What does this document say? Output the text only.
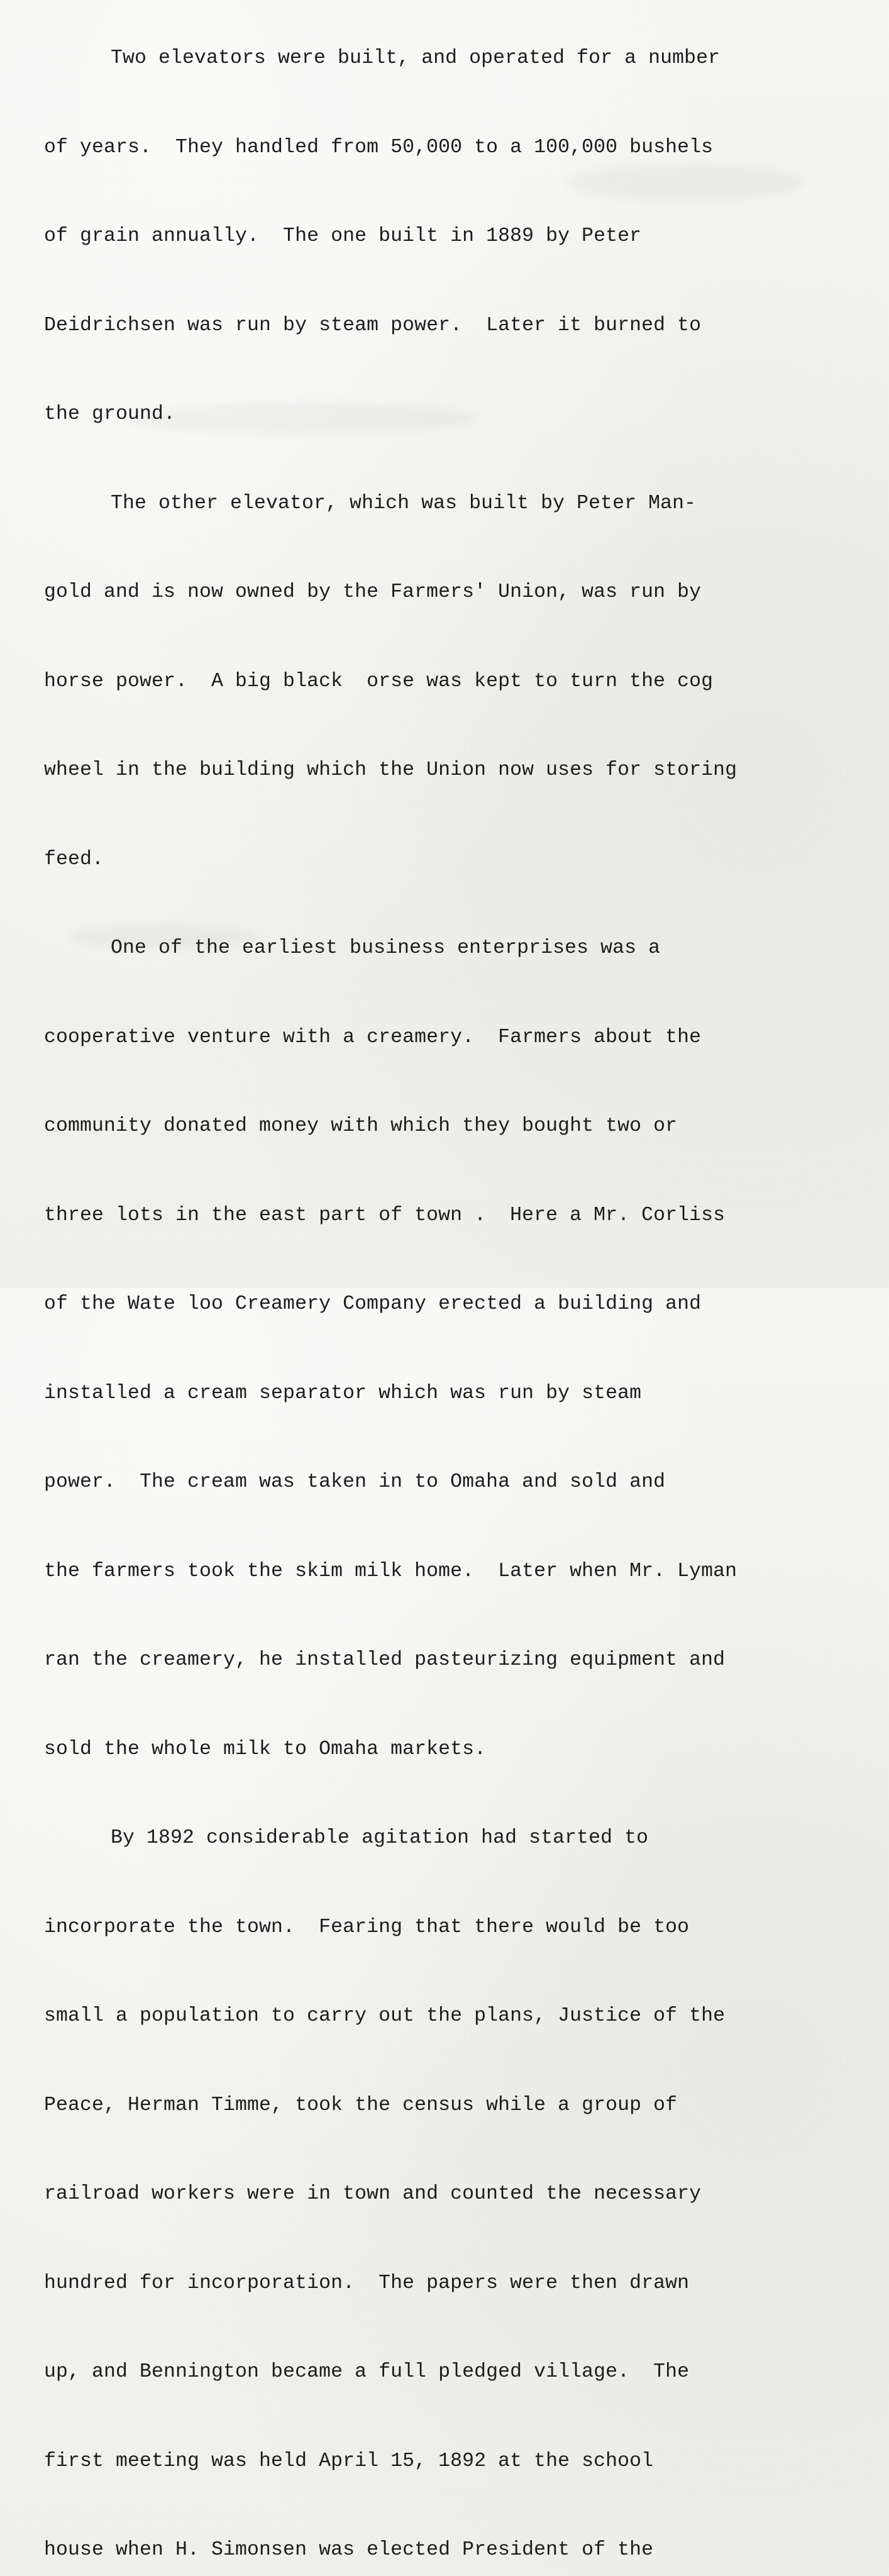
Two elevators were built, and operated for a number

of years.  They handled from 50,000 to a 100,000 bushels

of grain annually.  The one built in 1889 by Peter

Deidrichsen was run by steam power.  Later it burned to

the ground.

The other elevator, which was built by Peter Man-

gold and is now owned by the Farmers' Union, was run by

horse power.  A big black  orse was kept to turn the cog

wheel in the building which the Union now uses for storing

feed.

One of the earliest business enterprises was a

cooperative venture with a creamery.  Farmers about the

community donated money with which they bought two or

three lots in the east part of town .  Here a Mr. Corliss

of the Wate loo Creamery Company erected a building and

installed a cream separator which was run by steam

power.  The cream was taken in to Omaha and sold and

the farmers took the skim milk home.  Later when Mr. Lyman

ran the creamery, he installed pasteurizing equipment and

sold the whole milk to Omaha markets.

By 1892 considerable agitation had started to

incorporate the town.  Fearing that there would be too

small a population to carry out the plans, Justice of the

Peace, Herman Timme, took the census while a group of

railroad workers were in town and counted the necessary

hundred for incorporation.  The papers were then drawn

up, and Bennington became a full pledged village.  The

first meeting was held April 15, 1892 at the school

house when H. Simonsen was elected President of the
